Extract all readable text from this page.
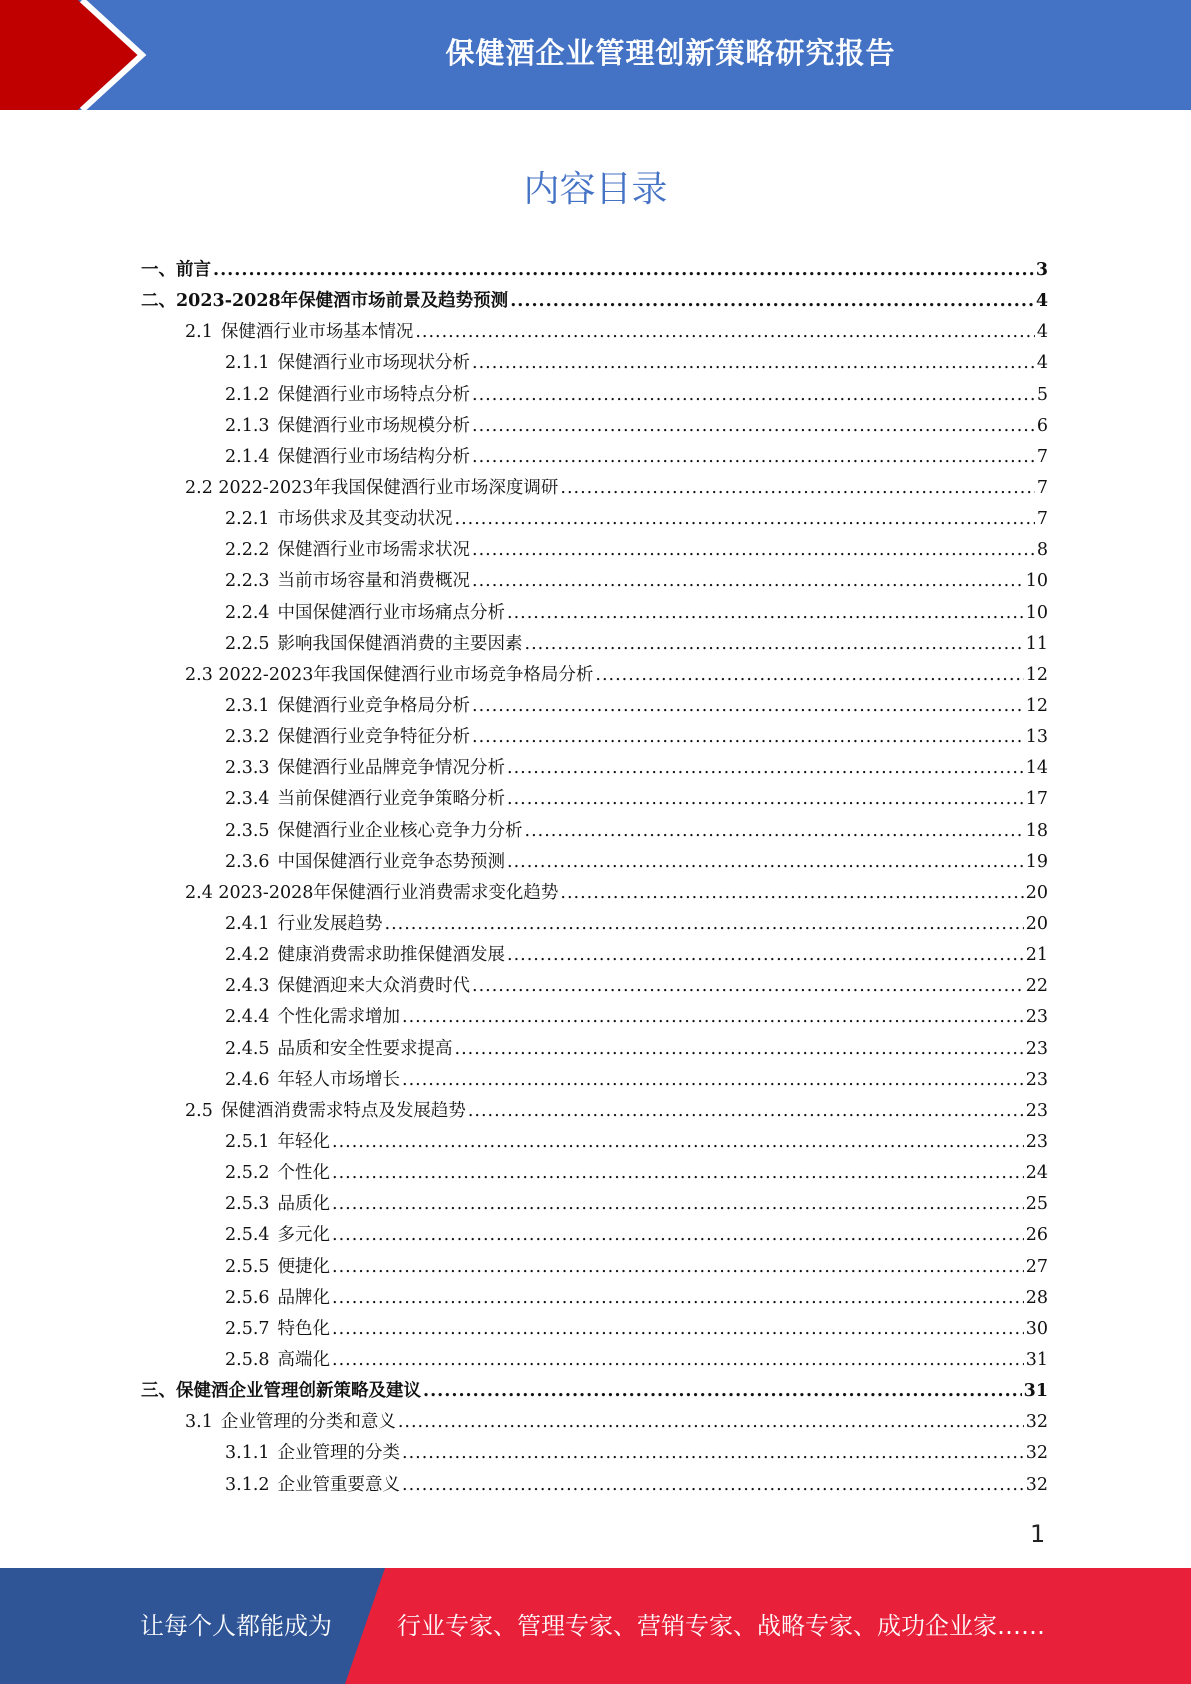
保健酒企业管理创新策略研究报告
内容目录
一、前言 .....	3
二、2023-2028年保健酒市场前景及趋势预测 .....	4
2.1 保健酒行业市场基本情况 .....	4
2.1.1 保健酒行业市场现状分析 .....	4
2.1.2 保健酒行业市场特点分析 .....	5
2.1.3 保健酒行业市场规模分析 .....	6
2.1.4 保健酒行业市场结构分析 .....	7
2.2 2022-2023年我国保健酒行业市场深度调研 .....	7
2.2.1 市场供求及其变动状况 .....	7
2.2.2 保健酒行业市场需求状况 .....	8
2.2.3 当前市场容量和消费概况 .....	10
2.2.4 中国保健酒行业市场痛点分析 .....	10
2.2.5 影响我国保健酒消费的主要因素 .....	11
2.3 2022-2023年我国保健酒行业市场竞争格局分析 .....	12
2.3.1 保健酒行业竞争格局分析 .....	12
2.3.2 保健酒行业竞争特征分析 .....	13
2.3.3 保健酒行业品牌竞争情况分析 .....	14
2.3.4 当前保健酒行业竞争策略分析 .....	17
2.3.5 保健酒行业企业核心竞争力分析 .....	18
2.3.6 中国保健酒行业竞争态势预测 .....	19
2.4 2023-2028年保健酒行业消费需求变化趋势 .....	20
2.4.1 行业发展趋势 .....	20
2.4.2 健康消费需求助推保健酒发展 .....	21
2.4.3 保健酒迎来大众消费时代 .....	22
2.4.4 个性化需求增加 .....	23
2.4.5 品质和安全性要求提高 .....	23
2.4.6 年轻人市场增长 .....	23
2.5 保健酒消费需求特点及发展趋势 .....	23
2.5.1 年轻化 .....	23
2.5.2 个性化 .....	24
2.5.3 品质化 .....	25
2.5.4 多元化 .....	26
2.5.5 便捷化 .....	27
2.5.6 品牌化 .....	28
2.5.7 特色化 .....	30
2.5.8 高端化 .....	31
三、保健酒企业管理创新策略及建议 .....	31
3.1 企业管理的分类和意义 .....	32
3.1.1 企业管理的分类 .....	32
3.1.2 企业管重要意义 .....	32
1
让每个人都能成为	行业专家、管理专家、营销专家、战略专家、成功企业家……
